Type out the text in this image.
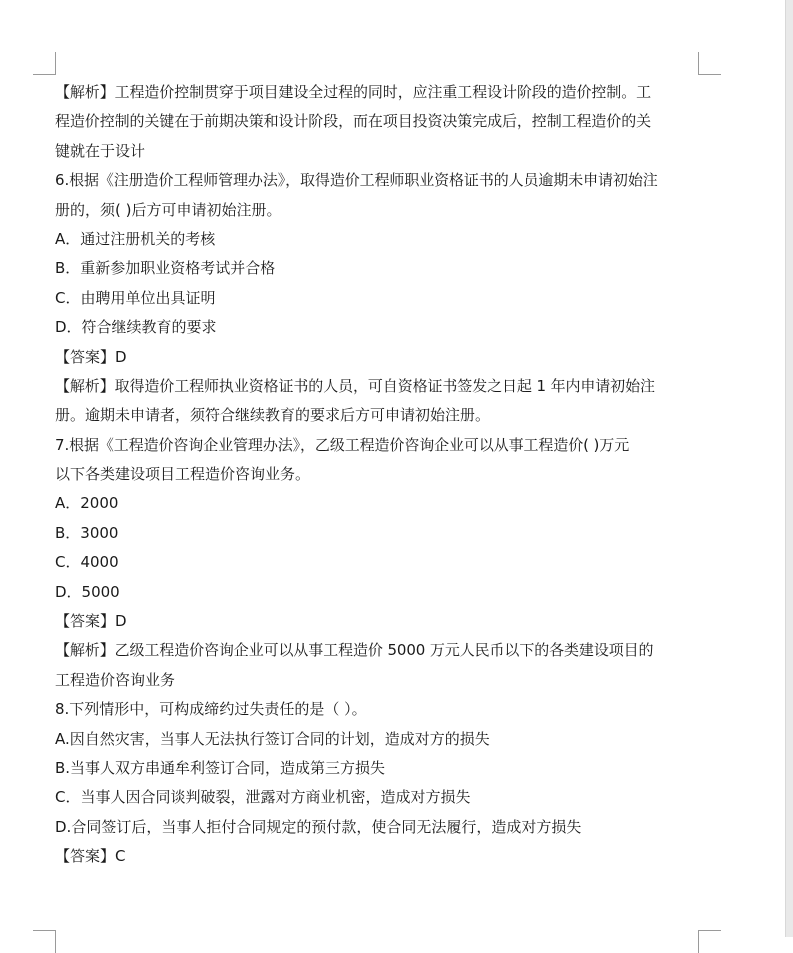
【解析】工程造价控制贯穿于项目建设全过程的同时，应注重工程设计阶段的造价控制。工
程造价控制的关键在于前期决策和设计阶段，而在项目投资决策完成后，控制工程造价的关
键就在于设计
6.根据《注册造价工程师管理办法》，取得造价工程师职业资格证书的人员逾期未申请初始注
册的，须( )后方可申请初始注册。
A．通过注册机关的考核
B．重新参加职业资格考试并合格
C．由聘用单位出具证明
D．符合继续教育的要求
【答案】D
【解析】取得造价工程师执业资格证书的人员，可自资格证书签发之日起 1 年内申请初始注
册。逾期未申请者，须符合继续教育的要求后方可申请初始注册。
7.根据《工程造价咨询企业管理办法》，乙级工程造价咨询企业可以从事工程造价( )万元
以下各类建设项目工程造价咨询业务。
A．2000
B．3000
C．4000
D．5000
【答案】D
【解析】乙级工程造价咨询企业可以从事工程造价 5000 万元人民币以下的各类建设项目的
工程造价咨询业务
8.下列情形中，可构成缔约过失责任的是（ ）。
A.因自然灾害，当事人无法执行签订合同的计划，造成对方的损失
B.当事人双方串通牟利签订合同，造成第三方损失
C．当事人因合同谈判破裂，泄露对方商业机密，造成对方损失
D.合同签订后，当事人拒付合同规定的预付款，使合同无法履行，造成对方损失
【答案】C
